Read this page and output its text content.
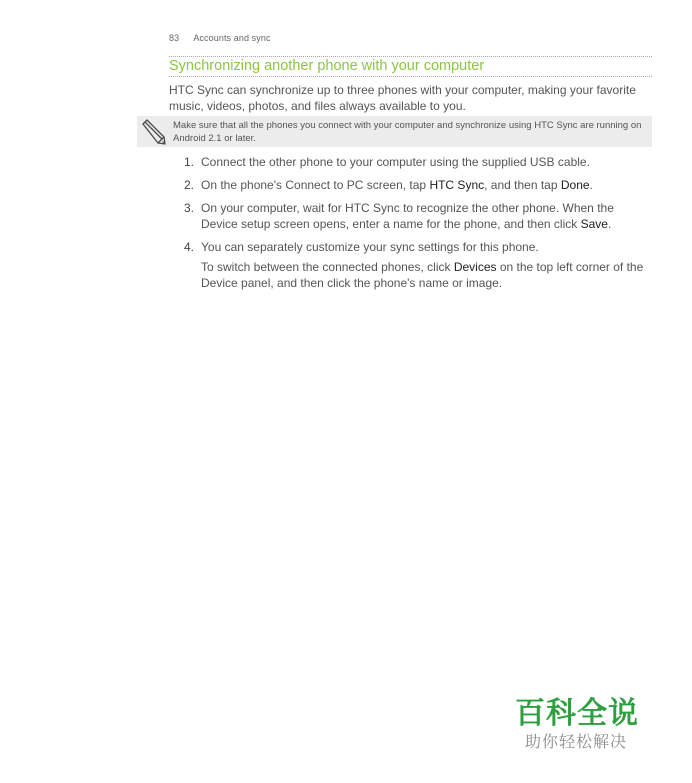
83 Accounts and sync
Synchronizing another phone with your computer
HTC Sync can synchronize up to three phones with your computer, making your favorite music, videos, photos, and files always available to you.
Make sure that all the phones you connect with your computer and synchronize using HTC Sync are running on Android 2.1 or later.
1. Connect the other phone to your computer using the supplied USB cable.
2. On the phone's Connect to PC screen, tap HTC Sync, and then tap Done.
3. On your computer, wait for HTC Sync to recognize the other phone. When the Device setup screen opens, enter a name for the phone, and then click Save.
4. You can separately customize your sync settings for this phone.
To switch between the connected phones, click Devices on the top left corner of the Device panel, and then click the phone's name or image.
百科全说
助你轻松解决
